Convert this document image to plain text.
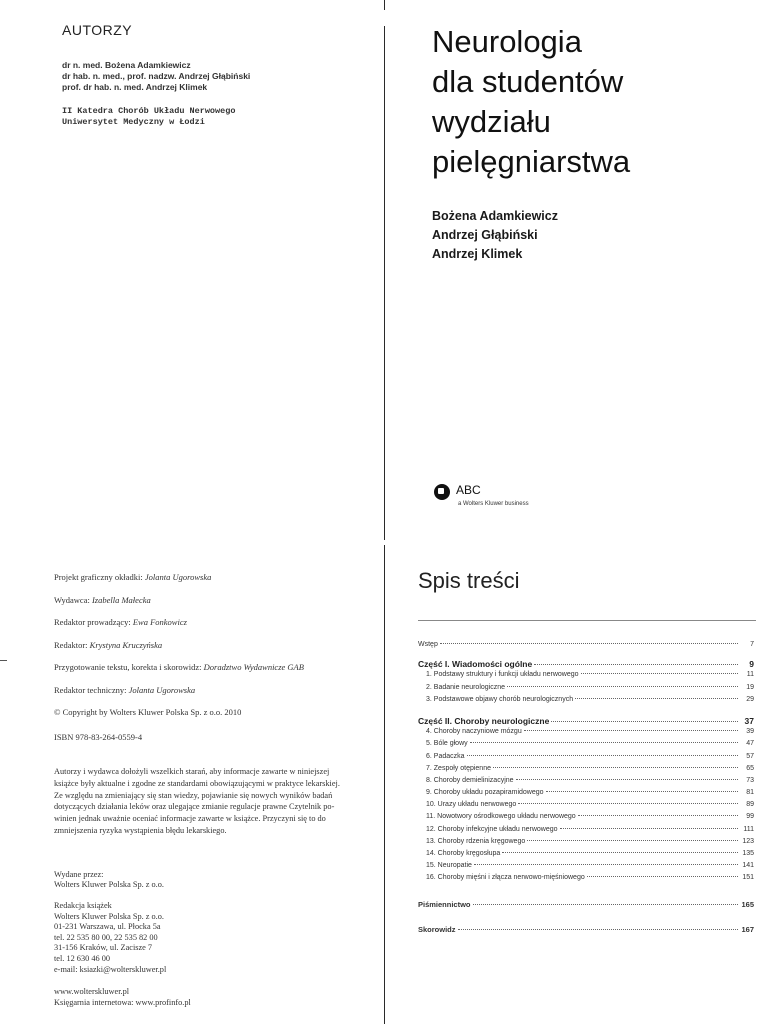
AUTORZY
dr n. med. Bożena Adamkiewicz
dr hab. n. med., prof. nadzw. Andrzej Głąbiński
prof. dr hab. n. med. Andrzej Klimek
II Katedra Chorób Układu Nerwowego
Uniwersytet Medyczny w Łodzi
Neurologia
dla studentów
wydziału
pielęgniarstwa
Bożena Adamkiewicz
Andrzej Głąbiński
Andrzej Klimek
ABC
a Wolters Kluwer business
Projekt graficzny okładki: Jolanta Ugorowska
Wydawca: Izabella Małecka
Redaktor prowadzący: Ewa Fonkowicz
Redaktor: Krystyna Kruczyńska
Przygotowanie tekstu, korekta i skorowidz: Doradztwo Wydawnicze GAB
Redaktor techniczny: Jolanta Ugorowska
© Copyright by Wolters Kluwer Polska Sp. z o.o. 2010
ISBN 978-83-264-0559-4
Autorzy i wydawca dołożyli wszelkich starań, aby informacje zawarte w niniejszej
książce były aktualne i zgodne ze standardami obowiązującymi w praktyce lekarskiej.
Ze względu na zmieniający się stan wiedzy, pojawianie się nowych wyników badań
dotyczących działania leków oraz ulegające zmianie regulacje prawne Czytelnik po-
winien jednak uważnie oceniać informacje zawarte w książce. Przyczyni się to do
zmniejszenia ryzyka wystąpienia błędu lekarskiego.
Wydane przez:
Wolters Kluwer Polska Sp. z o.o.
Redakcja książek
Wolters Kluwer Polska Sp. z o.o.
01-231 Warszawa, ul. Płocka 5a
tel. 22 535 80 00, 22 535 82 00
31-156 Kraków, ul. Zacisze 7
tel. 12 630 46 00
e-mail: ksiazki@wolterskluwer.pl
www.wolterskluwer.pl
Księgarnia internetowa: www.profinfo.pl
Spis treści
Wstęp	7
Część I. Wiadomości ogólne	9
1. Podstawy struktury i funkcji układu nerwowego	11
2. Badanie neurologiczne	19
3. Podstawowe objawy chorób neurologicznych	29
Część II. Choroby neurologiczne	37
4. Choroby naczyniowe mózgu	39
5. Bóle głowy	47
6. Padaczka	57
7. Zespoły otępienne	65
8. Choroby demielinizacyjne	73
9. Choroby układu pozapiramidowego	81
10. Urazy układu nerwowego	89
11. Nowotwory ośrodkowego układu nerwowego	99
12. Choroby infekcyjne układu nerwowego	111
13. Choroby rdzenia kręgowego	123
14. Choroby kręgosłupa	135
15. Neuropatie	141
16. Choroby mięśni i złącza nerwowo-mięśniowego	151
Piśmiennictwo	165
Skorowidz	167
